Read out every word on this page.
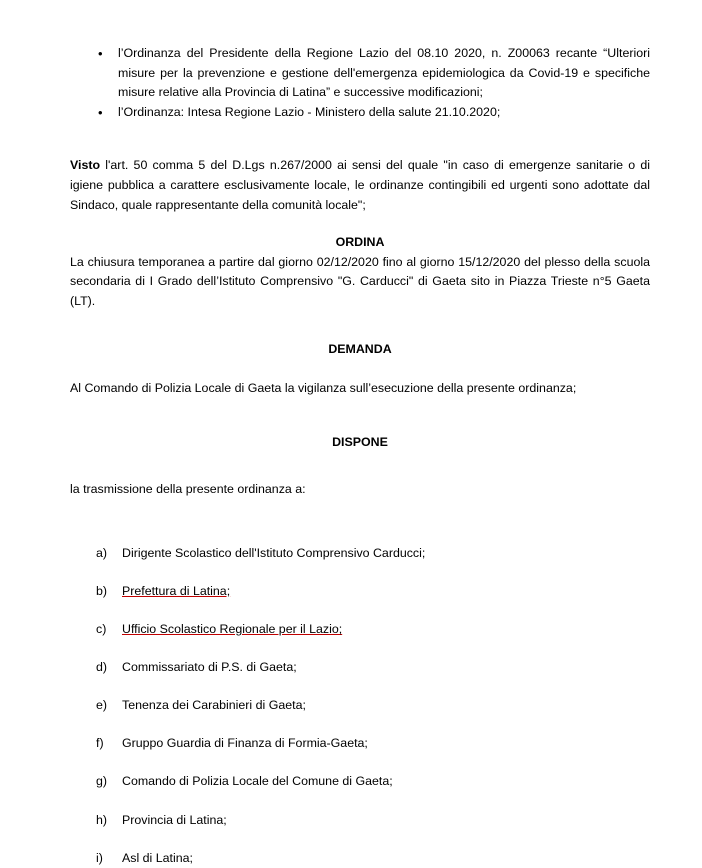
• l’Ordinanza del Presidente della Regione Lazio del 08.10 2020, n. Z00063 recante “Ulteriori misure per la prevenzione e gestione dell'emergenza epidemiologica da Covid-19 e specifiche misure relative alla Provincia di Latina” e successive modificazioni;
• l’Ordinanza: Intesa Regione Lazio - Ministero della salute 21.10.2020;

Visto l'art. 50 comma 5 del D.Lgs n.267/2000 ai sensi del quale "in caso di emergenze sanitarie o di igiene pubblica a carattere esclusivamente locale, le ordinanze contingibili ed urgenti sono adottate dal Sindaco, quale rappresentante della comunità locale";

ORDINA

La chiusura temporanea a partire dal giorno 02/12/2020 fino al giorno 15/12/2020 del plesso della scuola secondaria di I Grado dell’Istituto Comprensivo "G. Carducci" di Gaeta sito in Piazza Trieste n°5 Gaeta (LT).

DEMANDA

Al Comando di Polizia Locale di Gaeta la vigilanza sull’esecuzione della presente ordinanza;

DISPONE

la trasmissione della presente ordinanza a:

a)	Dirigente Scolastico dell'Istituto Comprensivo Carducci;
b)	Prefettura di Latina;
c)	Ufficio Scolastico Regionale per il Lazio;
d)	Commissariato di P.S. di Gaeta;
e)	Tenenza dei Carabinieri di Gaeta;
f)	Gruppo Guardia di Finanza di Formia-Gaeta;
g)	Comando di Polizia Locale del Comune di Gaeta;
h)	Provincia di Latina;
i)	Asl di Latina;
